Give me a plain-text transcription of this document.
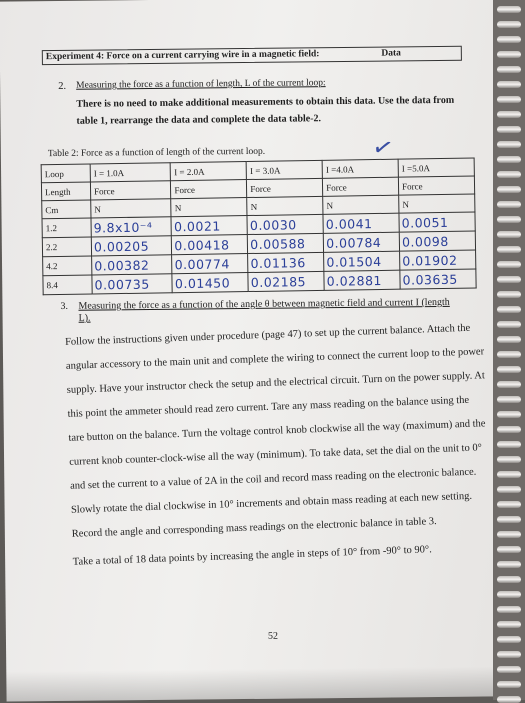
Experiment 4: Force on a current carrying wire in a magnetic field:	Data
2. Measuring the force as a function of length, L of the current loop:
There is no need to make additional measurements to obtain this data. Use the data from table 1, rearrange the data and complete the data table-2.
✓
Table 2: Force as a function of length of the current loop.
Loop	I = 1.0A	I = 2.0A	I = 3.0A	I =4.0A	I =5.0A
Length	Force	Force	Force	Force	Force
Cm	N	N	N	N	N
1.2	9.8x10⁻⁴	0.0021	0.0030	0.0041	0.0051
2.2	0.00205	0.00418	0.00588	0.00784	0.0098
4.2	0.00382	0.00774	0.01136	0.01504	0.01902
8.4	0.00735	0.01450	0.02185	0.02881	0.03635
3. Measuring the force as a function of the angle θ between magnetic field and current I (length L).
Follow the instructions given under procedure (page 47) to set up the current balance. Attach the angular accessory to the main unit and complete the wiring to connect the current loop to the power supply. Have your instructor check the setup and the electrical circuit. Turn on the power supply. At this point the ammeter should read zero current. Tare any mass reading on the balance using the tare button on the balance. Turn the voltage control knob clockwise all the way (maximum) and the current knob counter-clock-wise all the way (minimum). To take data, set the dial on the unit to 0° and set the current to a value of 2A in the coil and record mass reading on the electronic balance. Slowly rotate the dial clockwise in 10° increments and obtain mass reading at each new setting. Record the angle and corresponding mass readings on the electronic balance in table 3.
Take a total of 18 data points by increasing the angle in steps of 10° from -90° to 90°.
52
